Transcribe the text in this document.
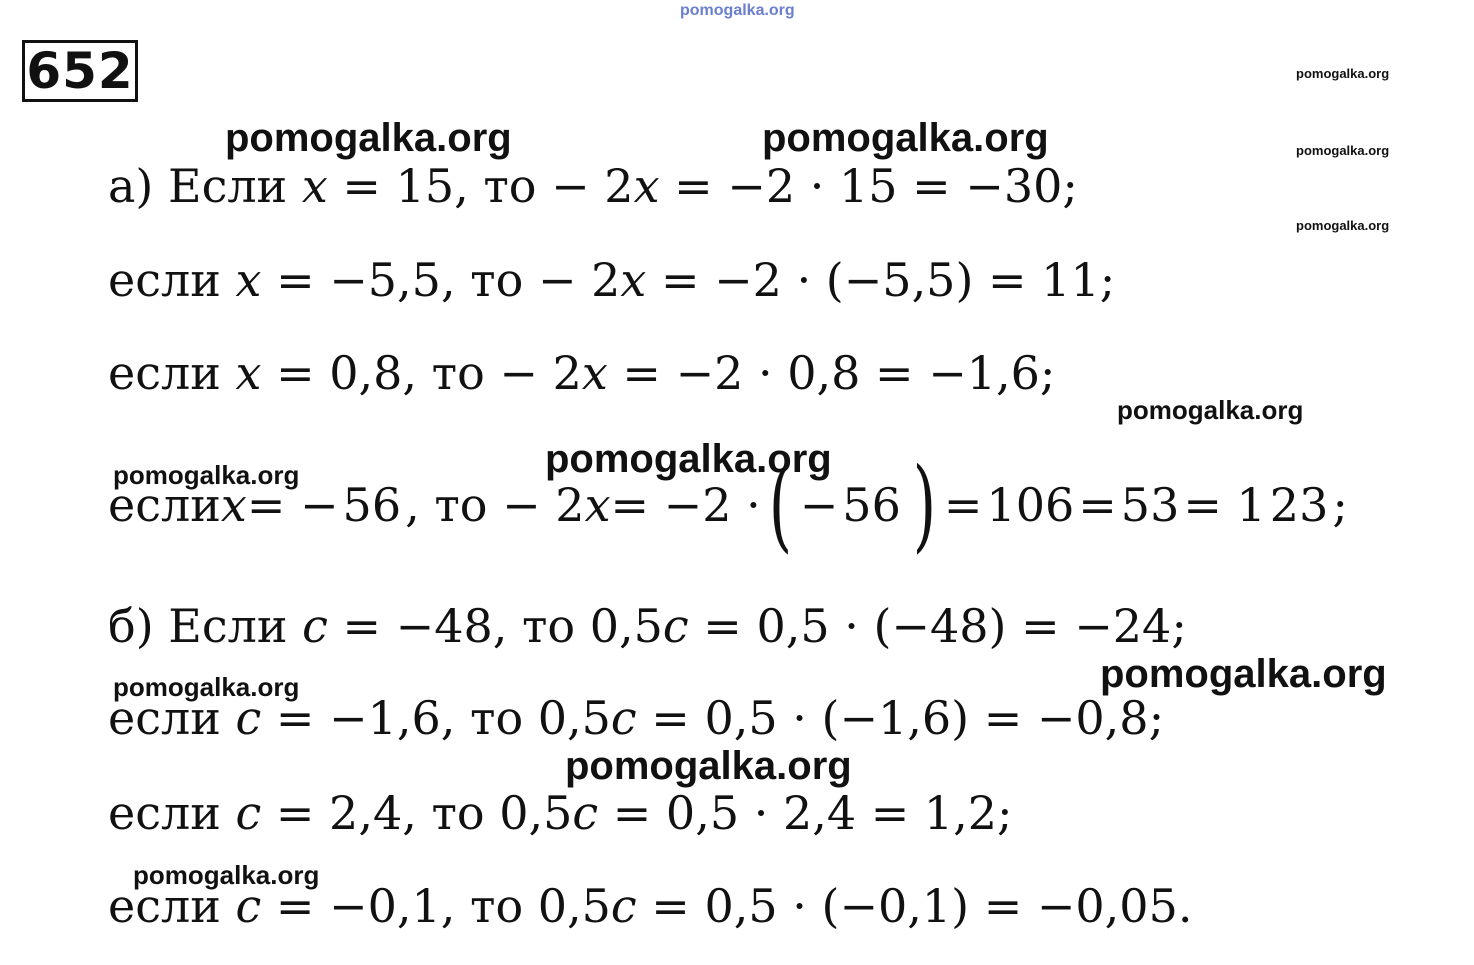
pomogalka.org
652	pomogalka.org
pomogalka.org
pomogalka.org
pomogalka.org	pomogalka.org
а) Если x = 15, то − 2x = −2 · 15 = −30;
если x = −5,5, то − 2x = −2 · (−5,5) = 11;
если x = 0,8, то − 2x = −2 · 0,8 = −1,6;
pomogalka.org
pomogalka.org
pomogalka.org
если x = − 56 , то − 2 x = −2 · ( − 56 ) = 106 = 53 = 1 23 ;
б) Если c = −48, то 0,5c = 0,5 · (−48) = −24;
pomogalka.org
pomogalka.org
если c = −1,6, то 0,5c = 0,5 · (−1,6) = −0,8;
pomogalka.org
если c = 2,4, то 0,5c = 0,5 · 2,4 = 1,2;
pomogalka.org
если c = −0,1, то 0,5c = 0,5 · (−0,1) = −0,05.
